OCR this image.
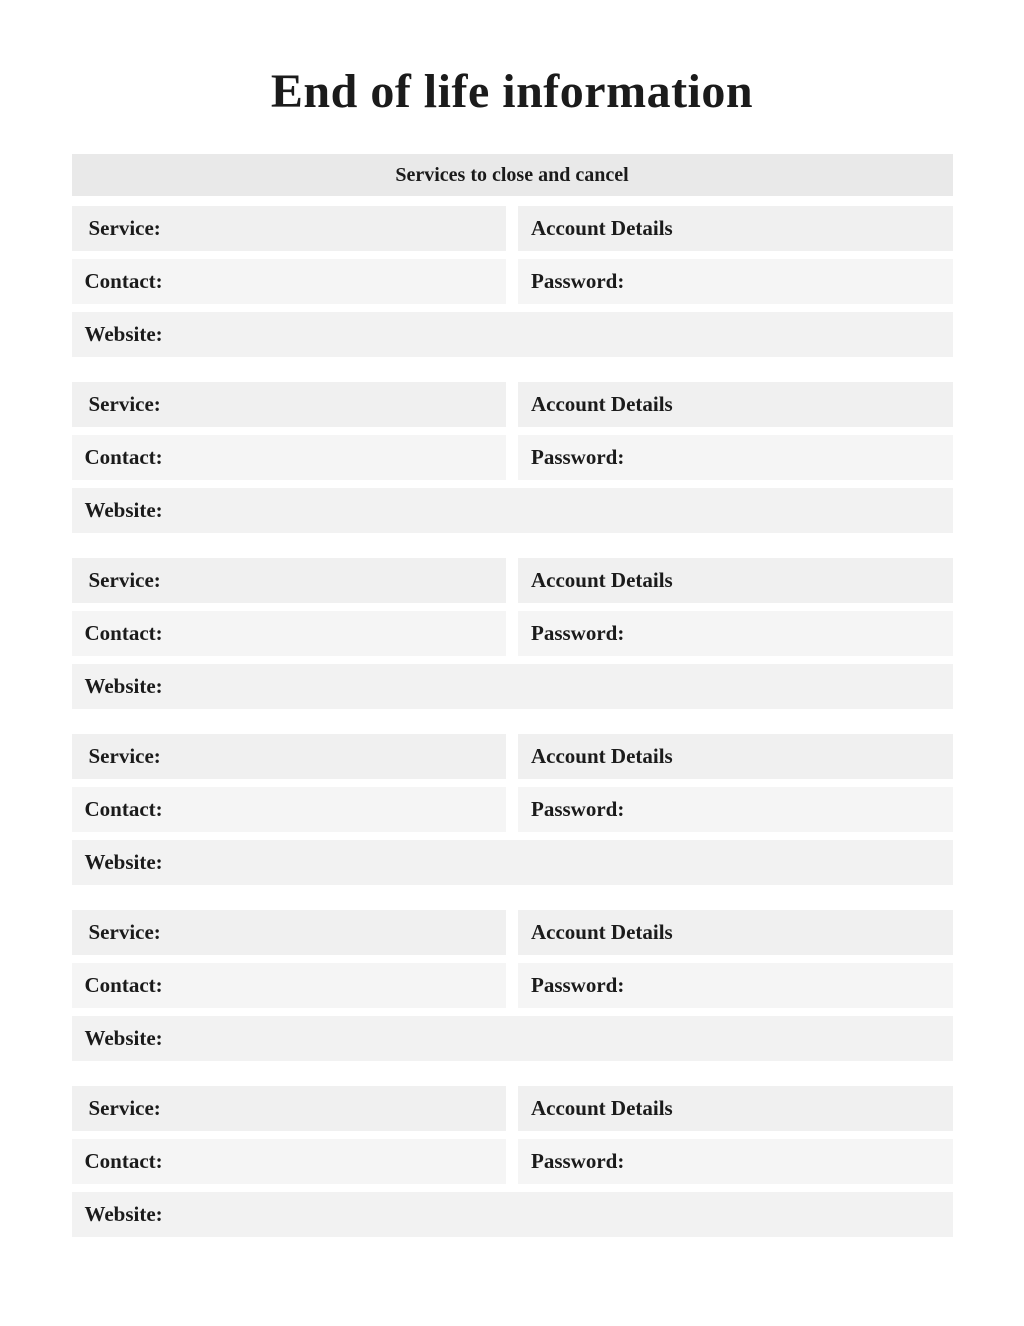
End of life information
Services to close and cancel
Service:	Account Details
Contact:	Password:
Website:
Service:	Account Details
Contact:	Password:
Website:
Service:	Account Details
Contact:	Password:
Website:
Service:	Account Details
Contact:	Password:
Website:
Service:	Account Details
Contact:	Password:
Website:
Service:	Account Details
Contact:	Password:
Website:
